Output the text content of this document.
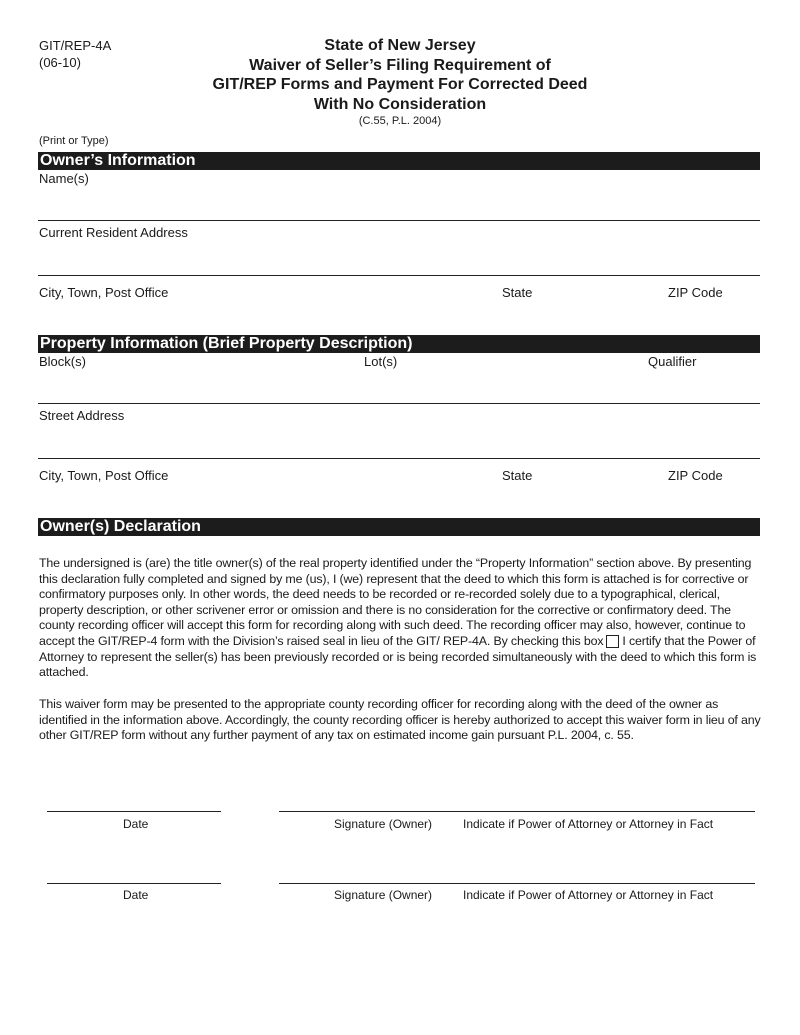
GIT/REP-4A
(06-10)
State of New Jersey
Waiver of Seller’s Filing Requirement of
GIT/REP Forms and Payment For Corrected Deed
With No Consideration
(C.55, P.L. 2004)
(Print or Type)
Owner’s Information
Name(s)
Current Resident Address
City, Town, Post Office	State	ZIP Code
Property Information (Brief Property Description)
Block(s)	Lot(s)	Qualifier
Street Address
City, Town, Post Office	State	ZIP Code
Owner(s) Declaration
The undersigned is (are) the title owner(s) of the real property identified under the “Property Information” section above. By presenting this declaration fully completed and signed by me (us), I (we) represent that the deed to which this form is attached is for corrective or confirmatory purposes only. In other words, the deed needs to be recorded or re-recorded solely due to a typographical, clerical, property description, or other scrivener error or omission and there is no consideration for the corrective or confirmatory deed. The county recording officer will accept this form for recording along with such deed. The recording officer may also, however, continue to accept the GIT/REP-4 form with the Division’s raised seal in lieu of the GIT/ REP-4A. By checking this box I certify that the Power of Attorney to represent the seller(s) has been previously recorded or is being recorded simultaneously with the deed to which this form is attached.
This waiver form may be presented to the appropriate county recording officer for recording along with the deed of the owner as identified in the information above. Accordingly, the county recording officer is hereby authorized to accept this waiver form in lieu of any other GIT/REP form without any further payment of any tax on estimated income gain pursuant P.L. 2004, c. 55.
Date	Signature (Owner)	Indicate if Power of Attorney or Attorney in Fact
Date	Signature (Owner)	Indicate if Power of Attorney or Attorney in Fact
